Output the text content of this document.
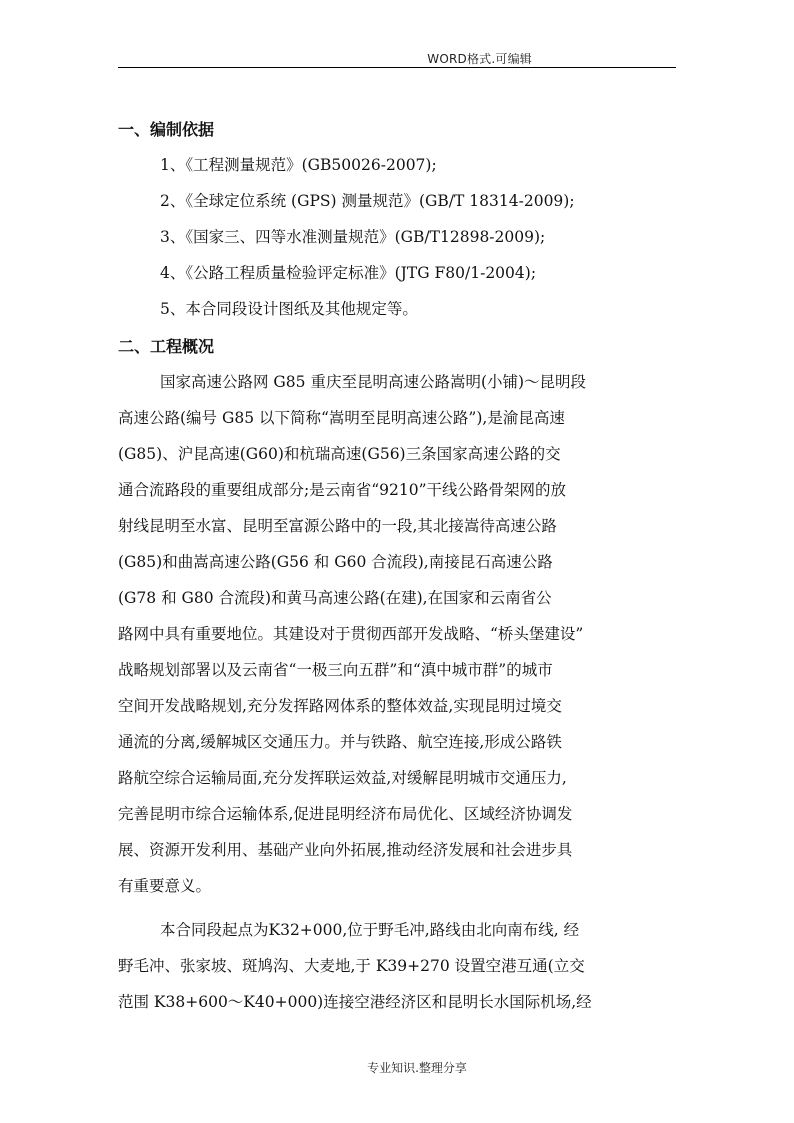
WORD格式.可编辑
一、编制依据
1、《工程测量规范》(GB50026-2007);
2、《全球定位系统 (GPS) 测量规范》(GB/T 18314-2009);
3、《国家三、四等水准测量规范》(GB/T12898-2009);
4、《公路工程质量检验评定标准》(JTG F80/1-2004);
5、本合同段设计图纸及其他规定等。
二、工程概况
国家高速公路网 G85 重庆至昆明高速公路嵩明(小铺)～昆明段
高速公路(编号 G85 以下简称“嵩明至昆明高速公路”),是渝昆高速
(G85)、沪昆高速(G60)和杭瑞高速(G56)三条国家高速公路的交
通合流路段的重要组成部分;是云南省“9210”干线公路骨架网的放
射线昆明至水富、昆明至富源公路中的一段,其北接嵩待高速公路
(G85)和曲嵩高速公路(G56 和 G60 合流段),南接昆石高速公路
(G78 和 G80 合流段)和黄马高速公路(在建),在国家和云南省公
路网中具有重要地位。其建设对于贯彻西部开发战略、“桥头堡建设”
战略规划部署以及云南省“一极三向五群”和“滇中城市群”的城市
空间开发战略规划,充分发挥路网体系的整体效益,实现昆明过境交
通流的分离,缓解城区交通压力。并与铁路、航空连接,形成公路铁
路航空综合运输局面,充分发挥联运效益,对缓解昆明城市交通压力,
完善昆明市综合运输体系,促进昆明经济布局优化、区域经济协调发
展、资源开发利用、基础产业向外拓展,推动经济发展和社会进步具
有重要意义。
本合同段起点为K32+000,位于野毛冲,路线由北向南布线, 经
野毛冲、张家坡、斑鸠沟、大麦地,于 K39+270 设置空港互通(立交
范围 K38+600～K40+000)连接空港经济区和昆明长水国际机场,经
专业知识.整理分享
